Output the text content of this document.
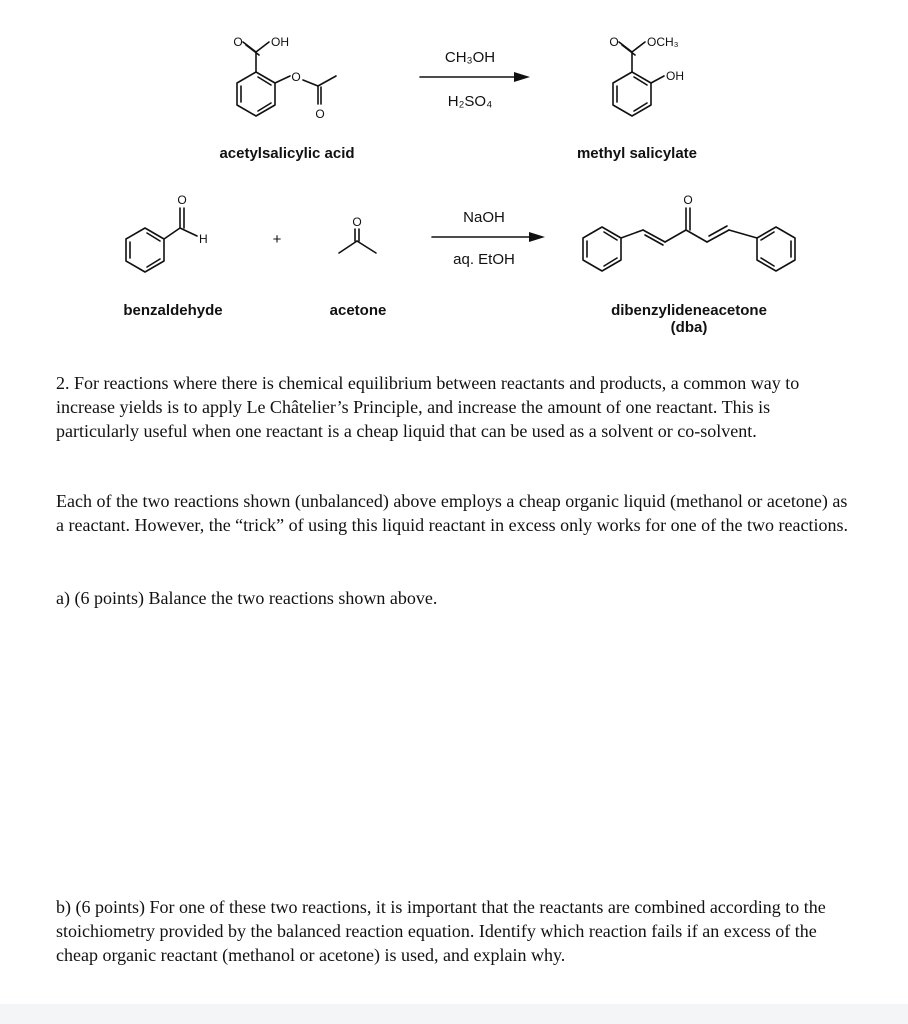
O OH
O
O
CH₃OH
H₂SO₄
O OCH₃
OH
O
H	+
O	NaOH
aq. EtOH
O
acetylsalicylic acid	methyl salicylate
benzaldehyde	acetone	dibenzylideneacetone
(dba)
2. For reactions where there is chemical equilibrium between reactants and products, a common way to increase yields is to apply Le Châtelier’s Principle, and increase the amount of one reactant. This is particularly useful when one reactant is a cheap liquid that can be used as a solvent or co-solvent.
Each of the two reactions shown (unbalanced) above employs a cheap organic liquid (methanol or acetone) as a reactant. However, the “trick” of using this liquid reactant in excess only works for one of the two reactions.
a) (6 points) Balance the two reactions shown above.
b) (6 points) For one of these two reactions, it is important that the reactants are combined according to the stoichiometry provided by the balanced reaction equation. Identify which reaction fails if an excess of the cheap organic reactant (methanol or acetone) is used, and explain why.
